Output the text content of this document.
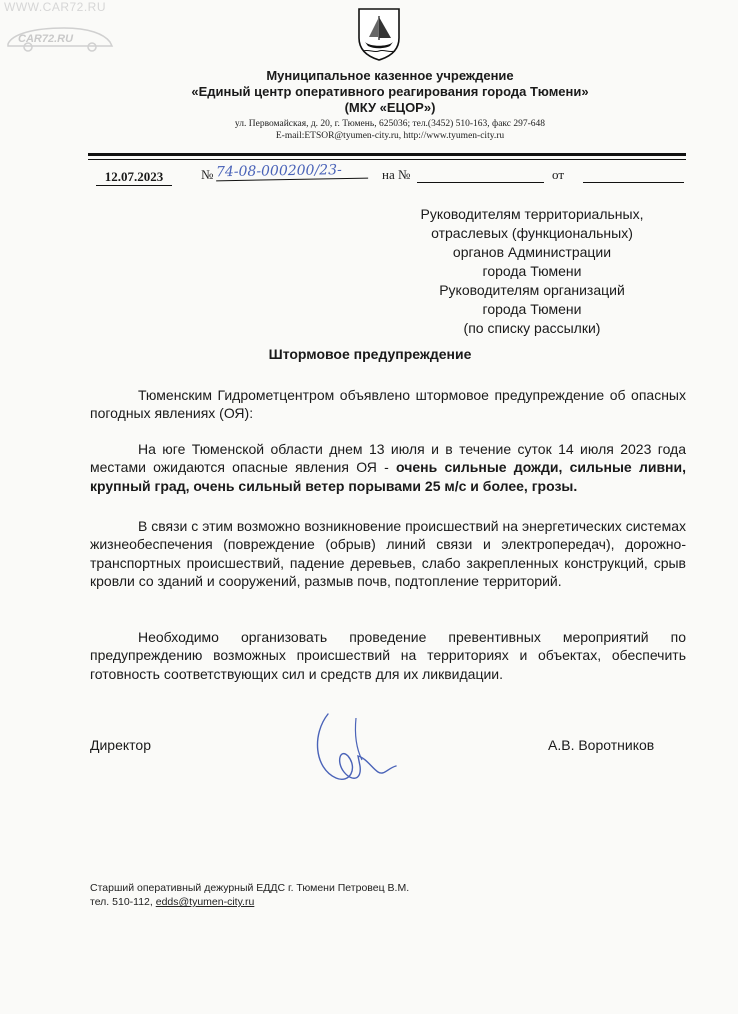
WWW.CAR72.RU
CAR72.RU
Муниципальное казенное учреждение
«Единый центр оперативного реагирования города Тюмени»
(МКУ «ЕЦОР»)
ул. Первомайская, д. 20, г. Тюмень, 625036; тел.(3452) 510-163, факс 297-648
E-mail:ETSOR@tyumen-city.ru, http://www.tyumen-city.ru
12.07.2023	№ 74-08-000200/23-	на №	от
Руководителям территориальных,
отраслевых (функциональных)
органов Администрации
города Тюмени
Руководителям организаций
города Тюмени
(по списку рассылки)
Штормовое предупреждение
Тюменским Гидрометцентром объявлено штормовое предупреждение об опасных погодных явлениях (ОЯ):
На юге Тюменской области днем 13 июля и в течение суток 14 июля 2023 года местами ожидаются опасные явления ОЯ - очень сильные дожди, сильные ливни, крупный град, очень сильный ветер порывами 25 м/с и более, грозы.
В связи с этим возможно возникновение происшествий на энергетических системах жизнеобеспечения (повреждение (обрыв) линий связи и электропередач), дорожно-транспортных происшествий, падение деревьев, слабо закрепленных конструкций, срыв кровли со зданий и сооружений, размыв почв, подтопление территорий.
Необходимо организовать проведение превентивных мероприятий по предупреждению возможных происшествий на территориях и объектах, обеспечить готовность соответствующих сил и средств для их ликвидации.
Директор	А.В. Воротников
Старший оперативный дежурный ЕДДС г. Тюмени Петровец В.М.
тел. 510-112, edds@tyumen-city.ru
